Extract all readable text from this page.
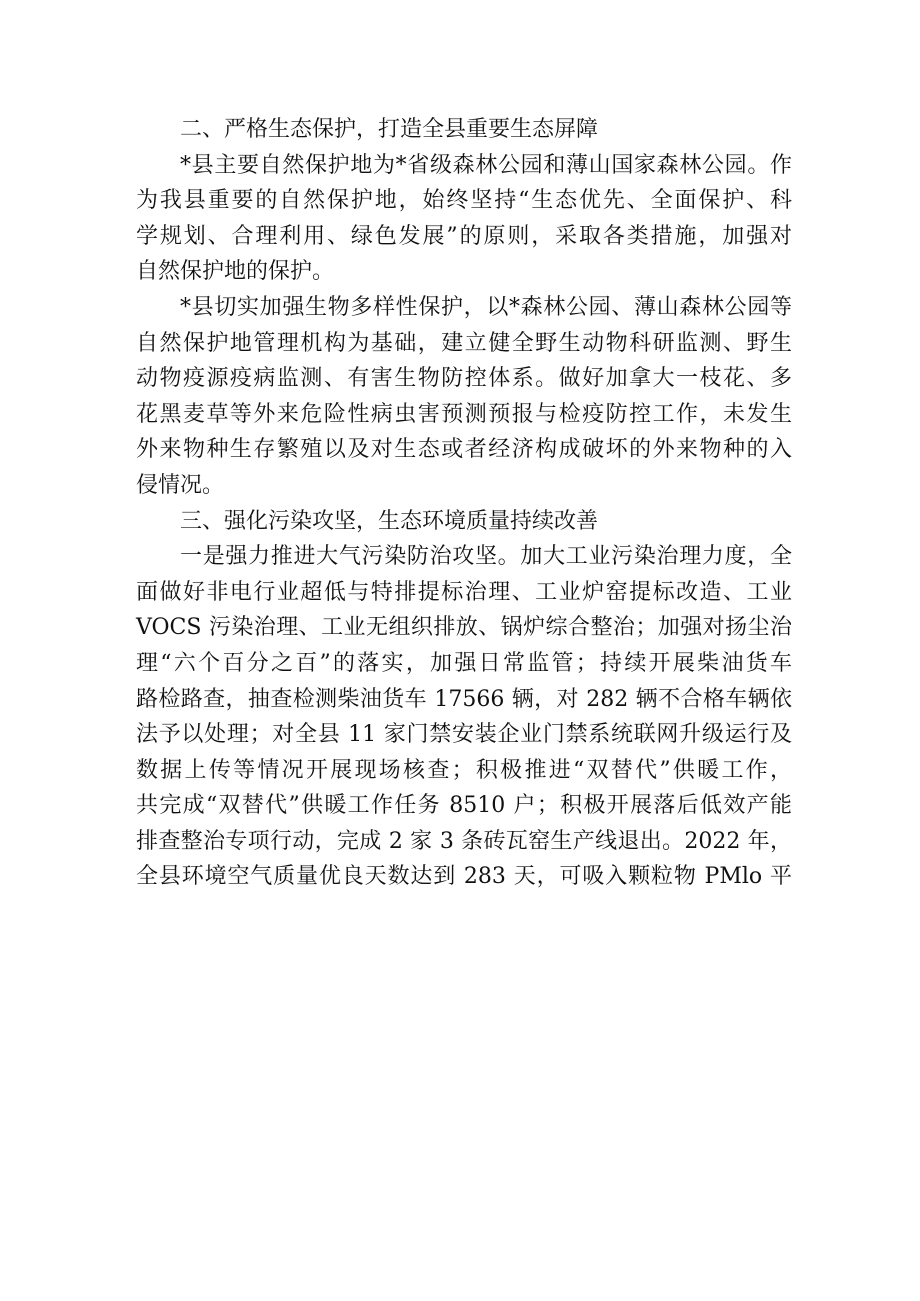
二、严格生态保护，打造全县重要生态屏障
*县主要自然保护地为*省级森林公园和薄山国家森林公园。作
为我县重要的自然保护地，始终坚持“生态优先、全面保护、科
学规划、合理利用、绿色发展”的原则，采取各类措施，加强对
自然保护地的保护。
*县切实加强生物多样性保护，以*森林公园、薄山森林公园等
自然保护地管理机构为基础，建立健全野生动物科研监测、野生
动物疫源疫病监测、有害生物防控体系。做好加拿大一枝花、多
花黑麦草等外来危险性病虫害预测预报与检疫防控工作，未发生
外来物种生存繁殖以及对生态或者经济构成破坏的外来物种的入
侵情况。
三、强化污染攻坚，生态环境质量持续改善
一是强力推进大气污染防治攻坚。加大工业污染治理力度，全
面做好非电行业超低与特排提标治理、工业炉窑提标改造、工业
VOCS 污染治理、工业无组织排放、锅炉综合整治；加强对扬尘治
理“六个百分之百”的落实，加强日常监管；持续开展柴油货车
路检路查，抽查检测柴油货车 17566 辆，对 282 辆不合格车辆依
法予以处理；对全县 11 家门禁安装企业门禁系统联网升级运行及
数据上传等情况开展现场核查；积极推进“双替代”供暖工作，
共完成“双替代”供暖工作任务 8510 户；积极开展落后低效产能
排查整治专项行动，完成 2 家 3 条砖瓦窑生产线退出。2022 年，
全县环境空气质量优良天数达到 283 天，可吸入颗粒物 PMlo 平
